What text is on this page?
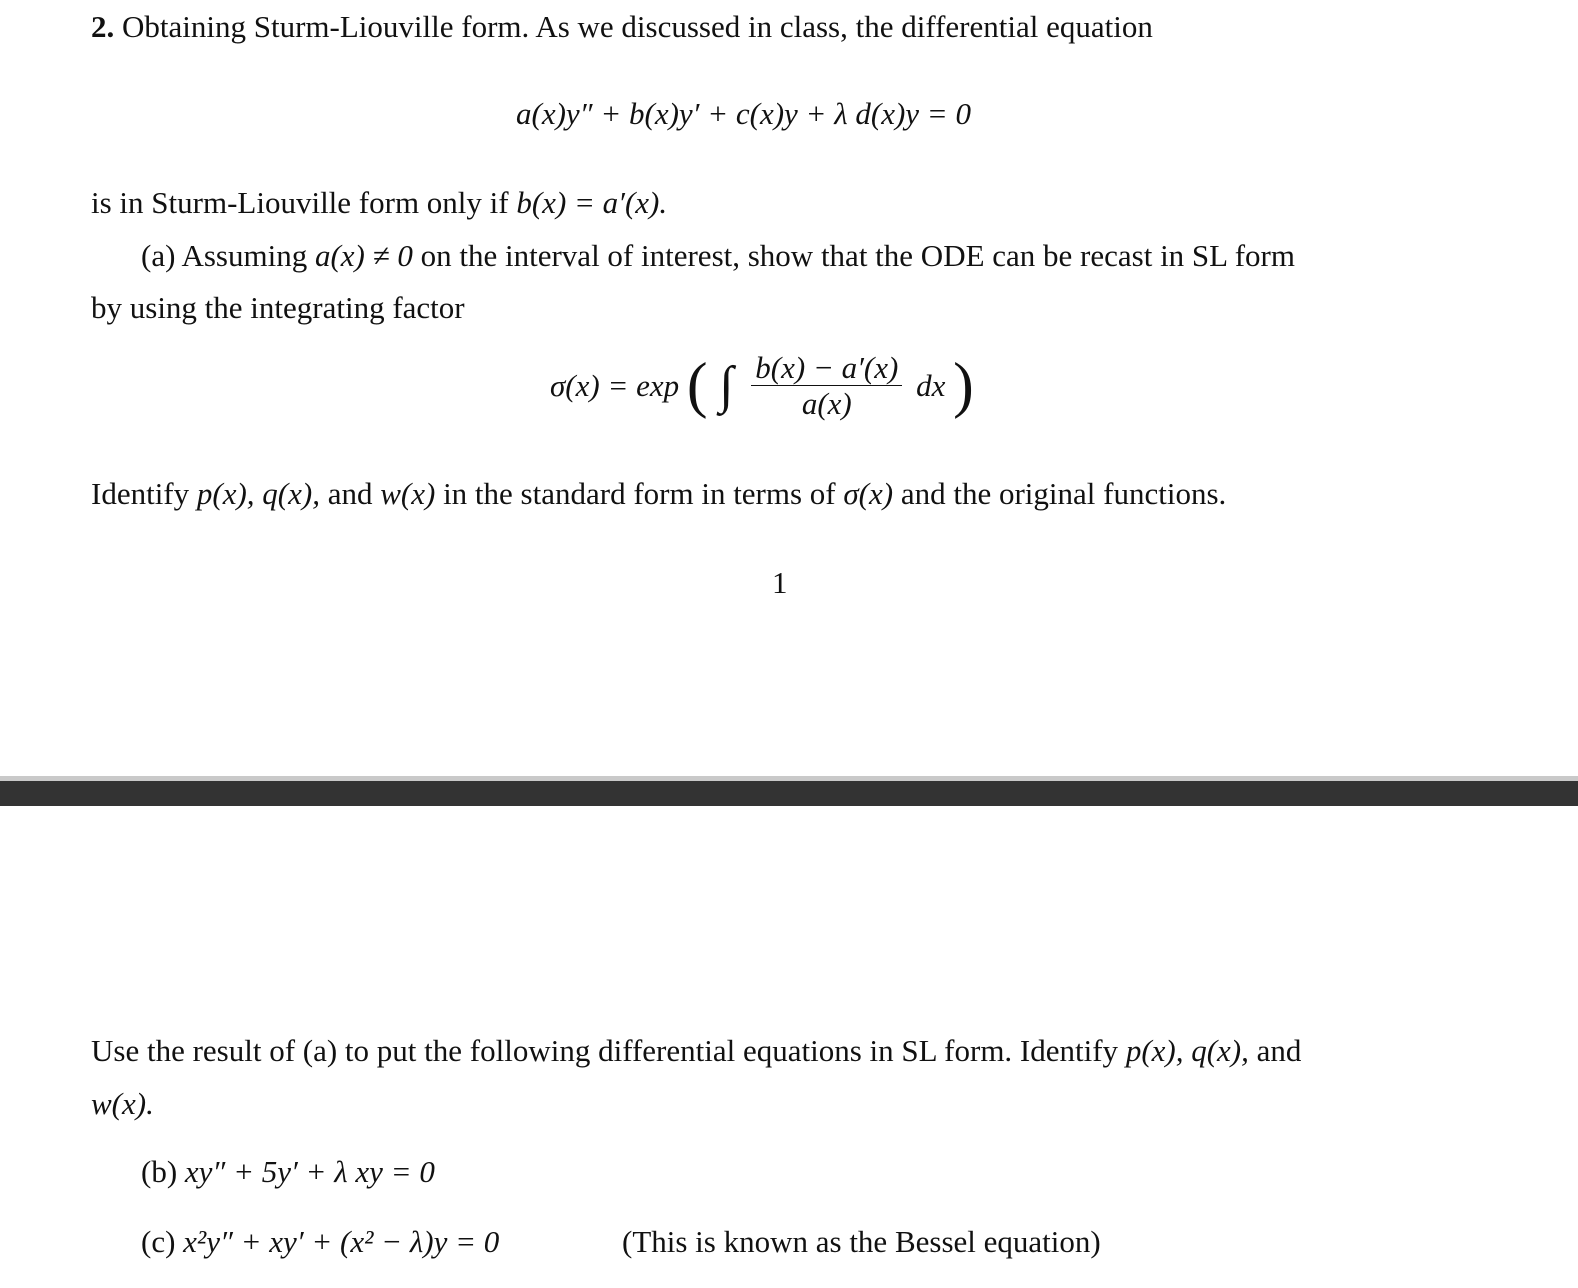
2. Obtaining Sturm-Liouville form. As we discussed in class, the differential equation
a(x)y″ + b(x)y′ + c(x)y + λ d(x)y = 0
is in Sturm-Liouville form only if b(x) = a′(x).
(a) Assuming a(x) ≠ 0 on the interval of interest, show that the ODE can be recast in SL form
by using the integrating factor
σ(x) = exp ( ∫ $\frac{b(x) - a'(x)}{a(x)}$ dx )
Identify p(x), q(x), and w(x) in the standard form in terms of σ(x) and the original functions.
1
Use the result of (a) to put the following differential equations in SL form. Identify p(x), q(x), and
w(x).
(b) xy″ + 5y′ + λ xy = 0
(c) x²y″ + xy′ + (x² − λ)y = 0	(This is known as the Bessel equation)
